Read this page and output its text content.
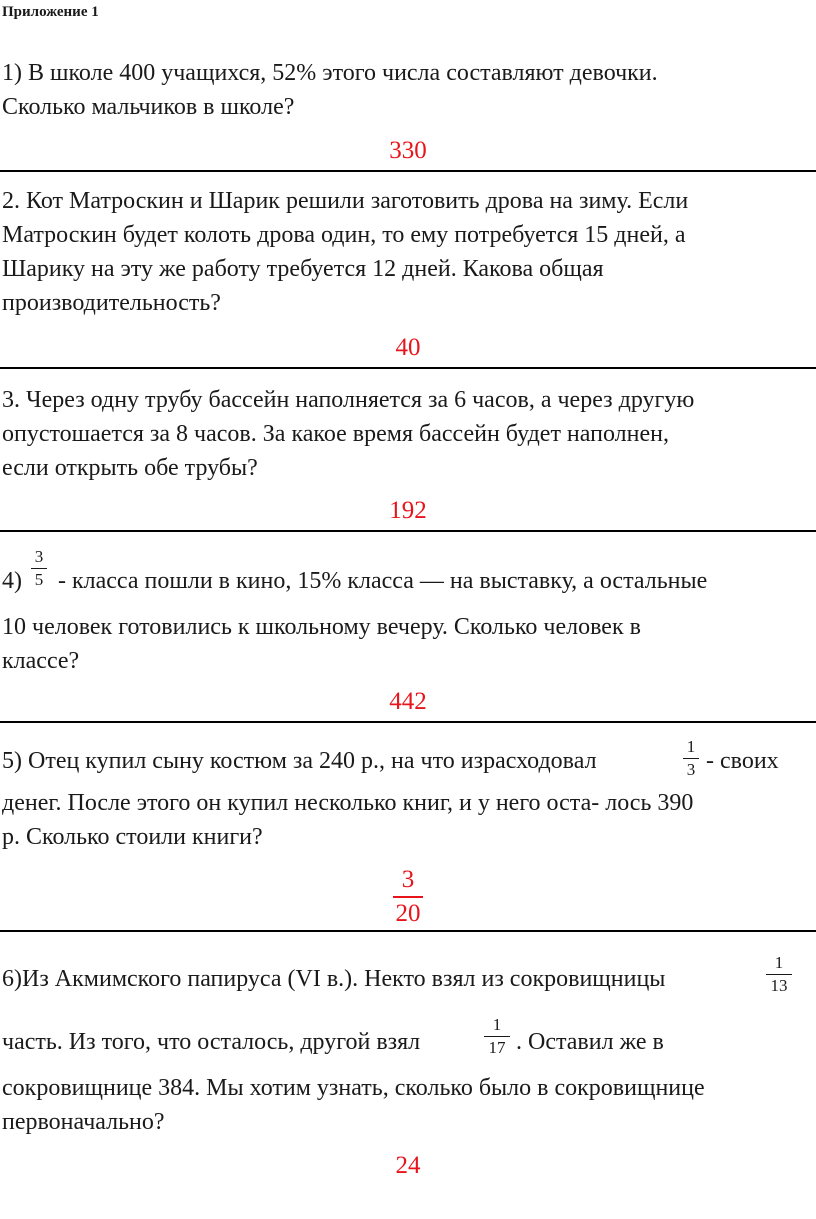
Приложение 1
1) В школе 400 учащихся, 52% этого числа составляют девочки.
Сколько мальчиков в школе?
330
2. Кот Матроскин и Шарик решили заготовить дрова на зиму. Если
Матроскин будет колоть дрова один, то ему потребуется 15 дней, а
Шарику на эту же работу требуется 12 дней. Какова общая
производительность?
40
3. Через одну трубу бассейн наполняется за 6 часов, а через другую
опустошается за 8 часов. За какое время бассейн будет наполнен,
если открыть обе трубы?
192
4)
3
5 - класса пошли в кино, 15% класса — на выставку, а остальные
10 человек готовились к школьному вечеру. Сколько человек в
классе?
442
5) Отец купил сыну костюм за 240 р., на что израсходовал
1
3 - своих
денег. После этого он купил несколько книг, и у него оста- лось 390
р. Сколько стоили книги?
$\frac{3}{20}$
6)Из Акмимского папируса (VI в.). Некто взял из сокровищницы
1
13
часть. Из того, что осталось, другой взял
1
17 . Оставил же в
сокровищнице 384. Мы хотим узнать, сколько было в сокровищнице
первоначально?
24
